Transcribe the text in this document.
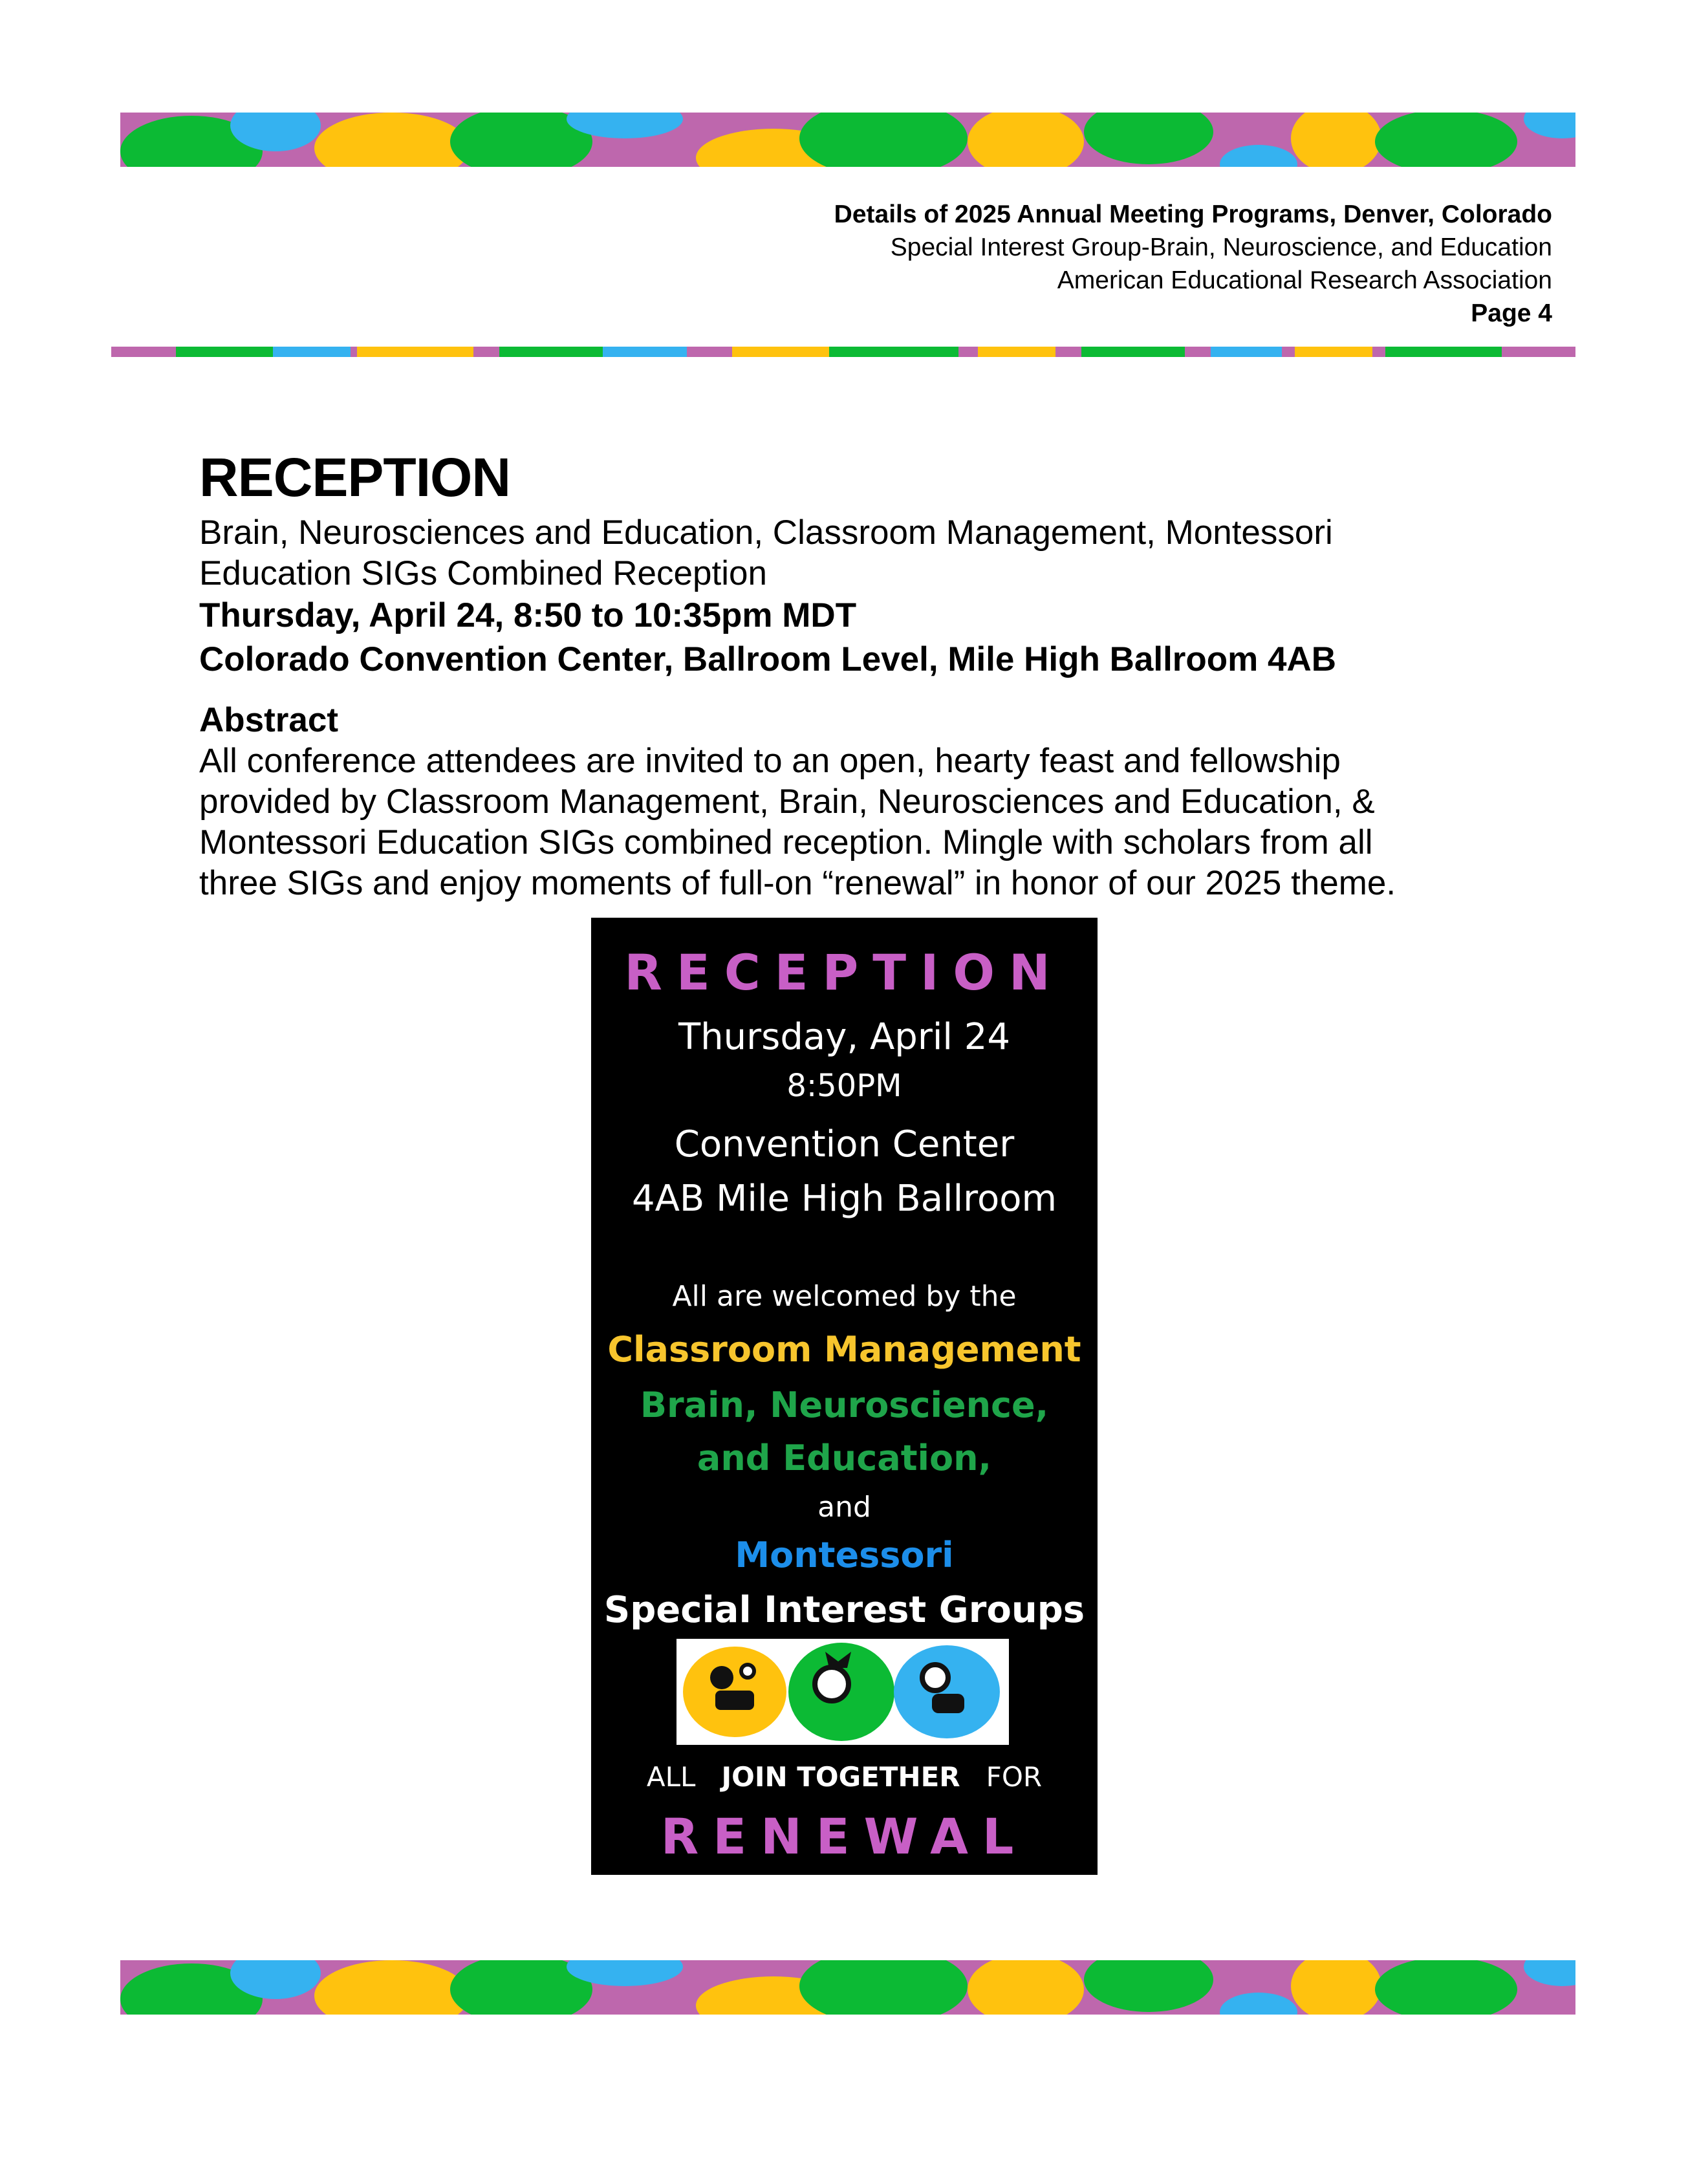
Details of 2025 Annual Meeting Programs, Denver, Colorado
Special Interest Group-Brain, Neuroscience, and Education
American Educational Research Association
Page 4
RECEPTION
Brain, Neurosciences and Education, Classroom Management, Montessori
Education SIGs Combined Reception
Thursday, April 24, 8:50 to 10:35pm MDT
Colorado Convention Center, Ballroom Level, Mile High Ballroom 4AB
Abstract
All conference attendees are invited to an open, hearty feast and fellowship
provided by Classroom Management, Brain, Neurosciences and Education, &
Montessori Education SIGs combined reception. Mingle with scholars from all
three SIGs and enjoy moments of full-on “renewal” in honor of our 2025 theme.
RECEPTION
Thursday, April 24
8:50PM
Convention Center
4AB Mile High Ballroom
All are welcomed by the
Classroom Management
Brain, Neuroscience,
and Education,
and
Montessori
Special Interest Groups
ALL JOIN TOGETHER FOR
RENEWAL
